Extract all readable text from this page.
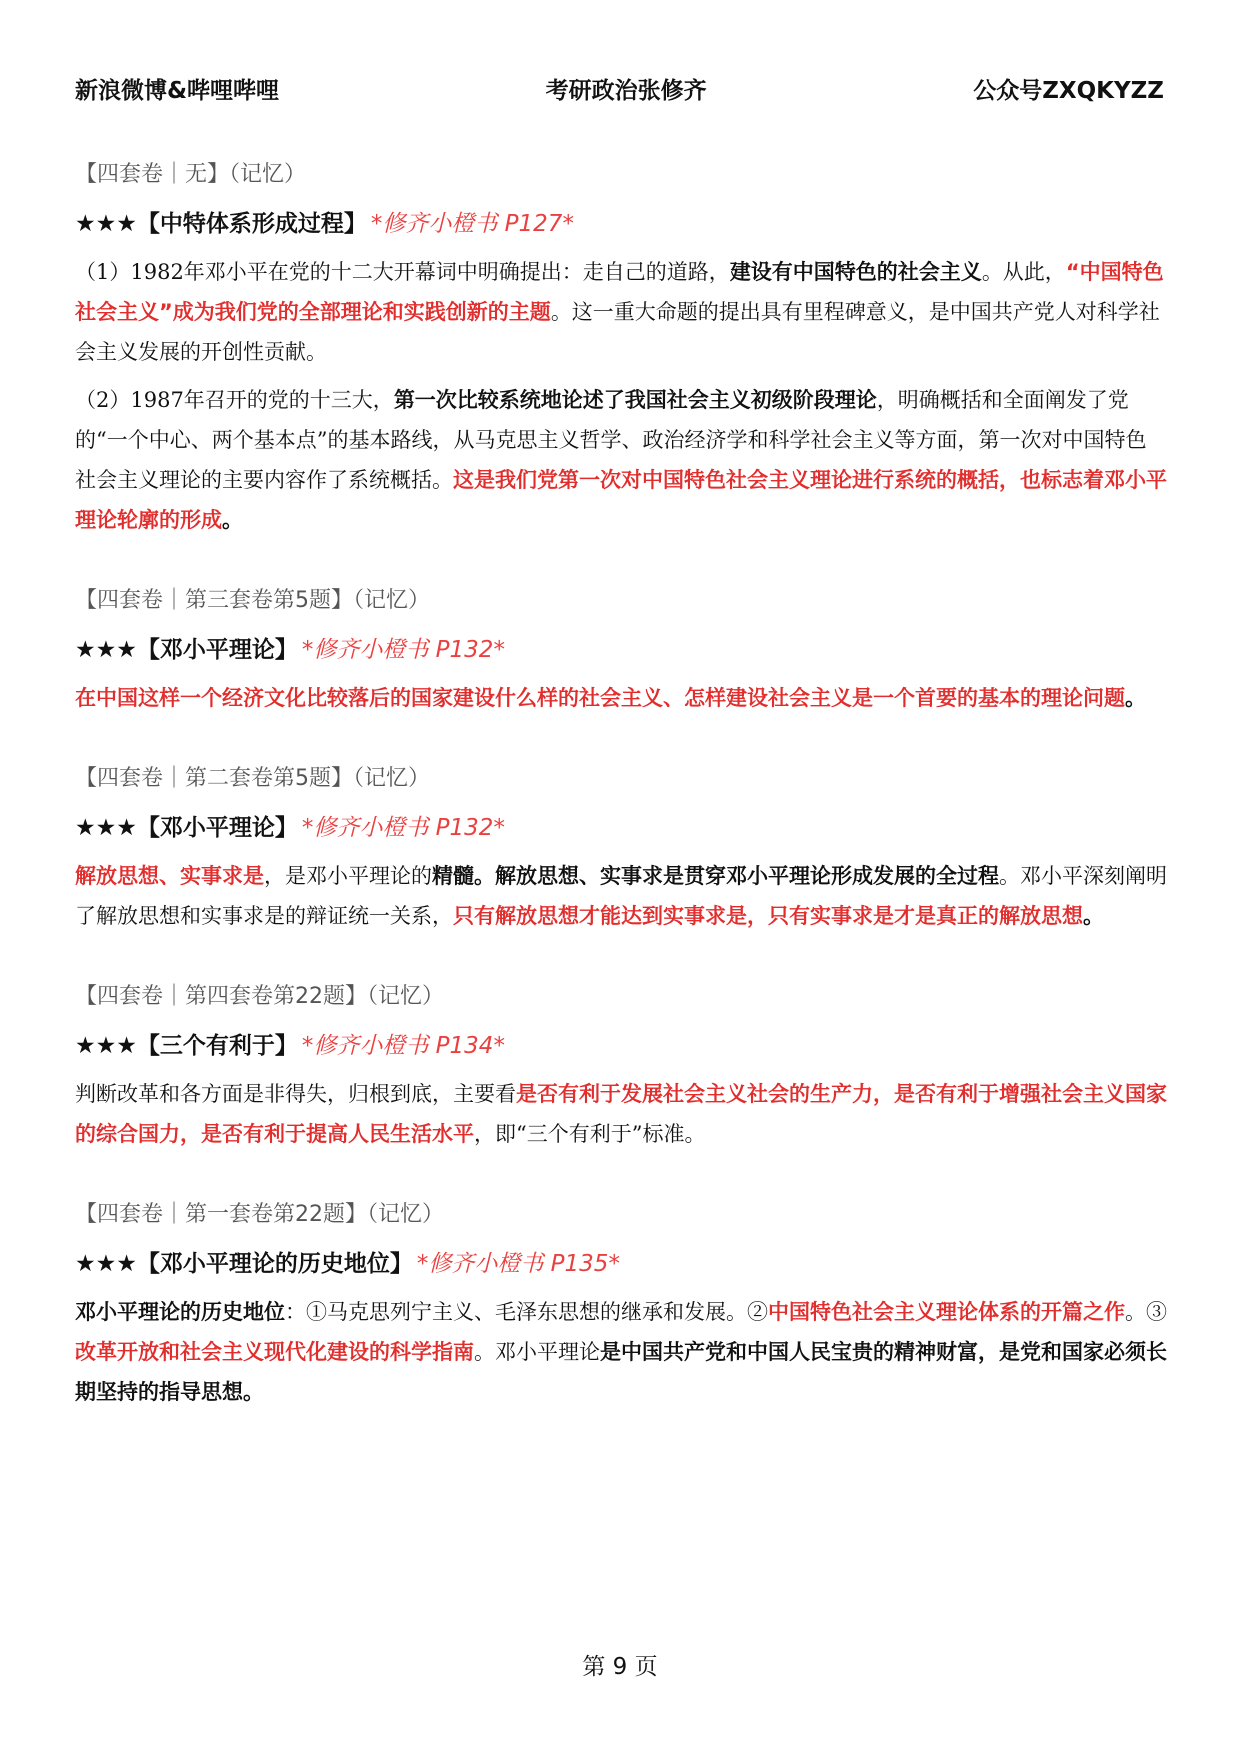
新浪微博&哔哩哔哩	考研政治张修齐	公众号ZXQKYZZ

【四套卷｜无】（记忆）

★★★【中特体系形成过程】 *修齐小橙书 P127*

（1）1982年邓小平在党的十二大开幕词中明确提出：走自己的道路，建设有中国特色的社会主义。从此，“中国特色社会主义”成为我们党的全部理论和实践创新的主题。这一重大命题的提出具有里程碑意义，是中国共产党人对科学社会主义发展的开创性贡献。

（2）1987年召开的党的十三大，第一次比较系统地论述了我国社会主义初级阶段理论，明确概括和全面阐发了党的“一个中心、两个基本点”的基本路线，从马克思主义哲学、政治经济学和科学社会主义等方面，第一次对中国特色社会主义理论的主要内容作了系统概括。这是我们党第一次对中国特色社会主义理论进行系统的概括，也标志着邓小平理论轮廓的形成。

【四套卷｜第三套卷第5题】（记忆）

★★★【邓小平理论】 *修齐小橙书 P132*

在中国这样一个经济文化比较落后的国家建设什么样的社会主义、怎样建设社会主义是一个首要的基本的理论问题。

【四套卷｜第二套卷第5题】（记忆）

★★★【邓小平理论】 *修齐小橙书 P132*

解放思想、实事求是，是邓小平理论的精髓。解放思想、实事求是贯穿邓小平理论形成发展的全过程。邓小平深刻阐明了解放思想和实事求是的辩证统一关系，只有解放思想才能达到实事求是，只有实事求是才是真正的解放思想。

【四套卷｜第四套卷第22题】（记忆）

★★★【三个有利于】 *修齐小橙书 P134*

判断改革和各方面是非得失，归根到底，主要看是否有利于发展社会主义社会的生产力，是否有利于增强社会主义国家的综合国力，是否有利于提高人民生活水平，即“三个有利于”标准。

【四套卷｜第一套卷第22题】（记忆）

★★★【邓小平理论的历史地位】 *修齐小橙书 P135*

邓小平理论的历史地位：①马克思列宁主义、毛泽东思想的继承和发展。②中国特色社会主义理论体系的开篇之作。③改革开放和社会主义现代化建设的科学指南。邓小平理论是中国共产党和中国人民宝贵的精神财富，是党和国家必须长期坚持的指导思想。

第 9 页
